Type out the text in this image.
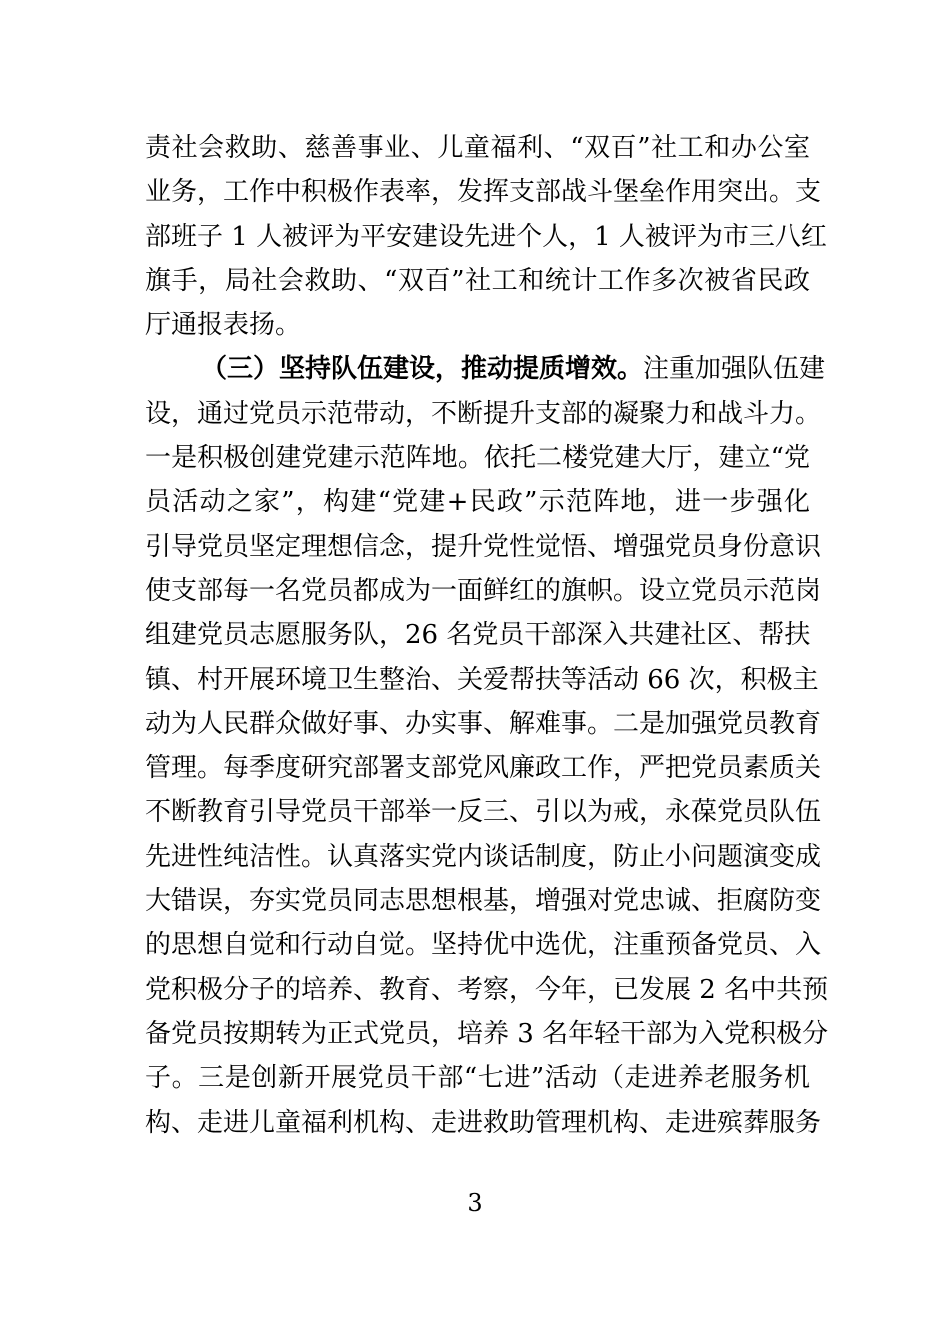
责社会救助、慈善事业、儿童福利、“双百”社工和办公室
业务，工作中积极作表率，发挥支部战斗堡垒作用突出。支
部班子 1 人被评为平安建设先进个人，1 人被评为市三八红
旗手，局社会救助、“双百”社工和统计工作多次被省民政
厅通报表扬。
（三）坚持队伍建设，推动提质增效。注重加强队伍建
设，通过党员示范带动，不断提升支部的凝聚力和战斗力。
一是积极创建党建示范阵地。依托二楼党建大厅，建立“党
员活动之家”，构建“党建+民政”示范阵地，进一步强化
引导党员坚定理想信念，提升党性觉悟、增强党员身份意识
使支部每一名党员都成为一面鲜红的旗帜。设立党员示范岗
组建党员志愿服务队，26 名党员干部深入共建社区、帮扶
镇、村开展环境卫生整治、关爱帮扶等活动 66 次，积极主
动为人民群众做好事、办实事、解难事。二是加强党员教育
管理。每季度研究部署支部党风廉政工作，严把党员素质关
不断教育引导党员干部举一反三、引以为戒，永葆党员队伍
先进性纯洁性。认真落实党内谈话制度，防止小问题演变成
大错误，夯实党员同志思想根基，增强对党忠诚、拒腐防变
的思想自觉和行动自觉。坚持优中选优，注重预备党员、入
党积极分子的培养、教育、考察，今年，已发展 2 名中共预
备党员按期转为正式党员，培养 3 名年轻干部为入党积极分
子。三是创新开展党员干部“七进”活动（走进养老服务机
构、走进儿童福利机构、走进救助管理机构、走进殡葬服务
3
